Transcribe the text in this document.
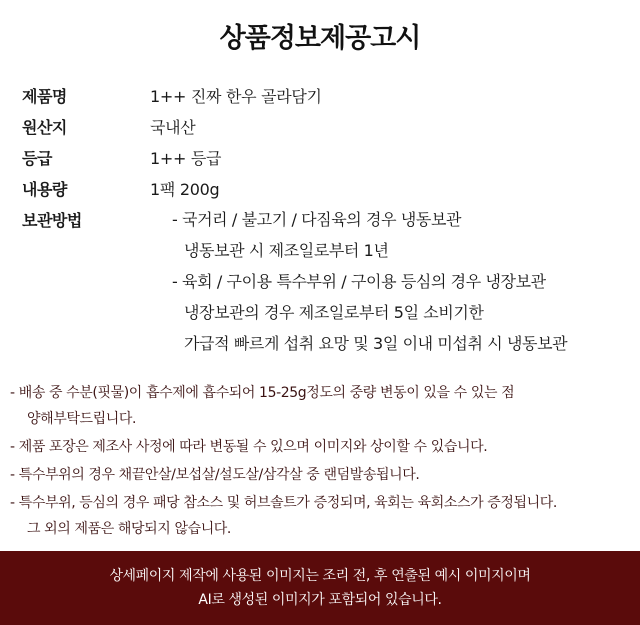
상품정보제공고시
제품명	1++ 진짜 한우 골라담기
원산지	국내산
등급	1++ 등급
내용량	1팩 200g
보관방법	- 국거리 / 불고기 / 다짐육의 경우 냉동보관
냉동보관 시 제조일로부터 1년
- 육회 / 구이용 특수부위 / 구이용 등심의 경우 냉장보관
냉장보관의 경우 제조일로부터 5일 소비기한
가급적 빠르게 섭취 요망 및 3일 이내 미섭취 시 냉동보관
- 배송 중 수분(핏물)이 흡수제에 흡수되어 15-25g정도의 중량 변동이 있을 수 있는 점
양해부탁드립니다.
- 제품 포장은 제조사 사정에 따라 변동될 수 있으며 이미지와 상이할 수 있습니다.
- 특수부위의 경우 채끝안살/보섭살/설도살/삼각살 중 랜덤발송됩니다.
- 특수부위, 등심의 경우 패당 참소스 및 허브솔트가 증정되며, 육회는 육회소스가 증정됩니다.
그 외의 제품은 해당되지 않습니다.
상세페이지 제작에 사용된 이미지는 조리 전, 후 연출된 예시 이미지이며
AI로 생성된 이미지가 포함되어 있습니다.
